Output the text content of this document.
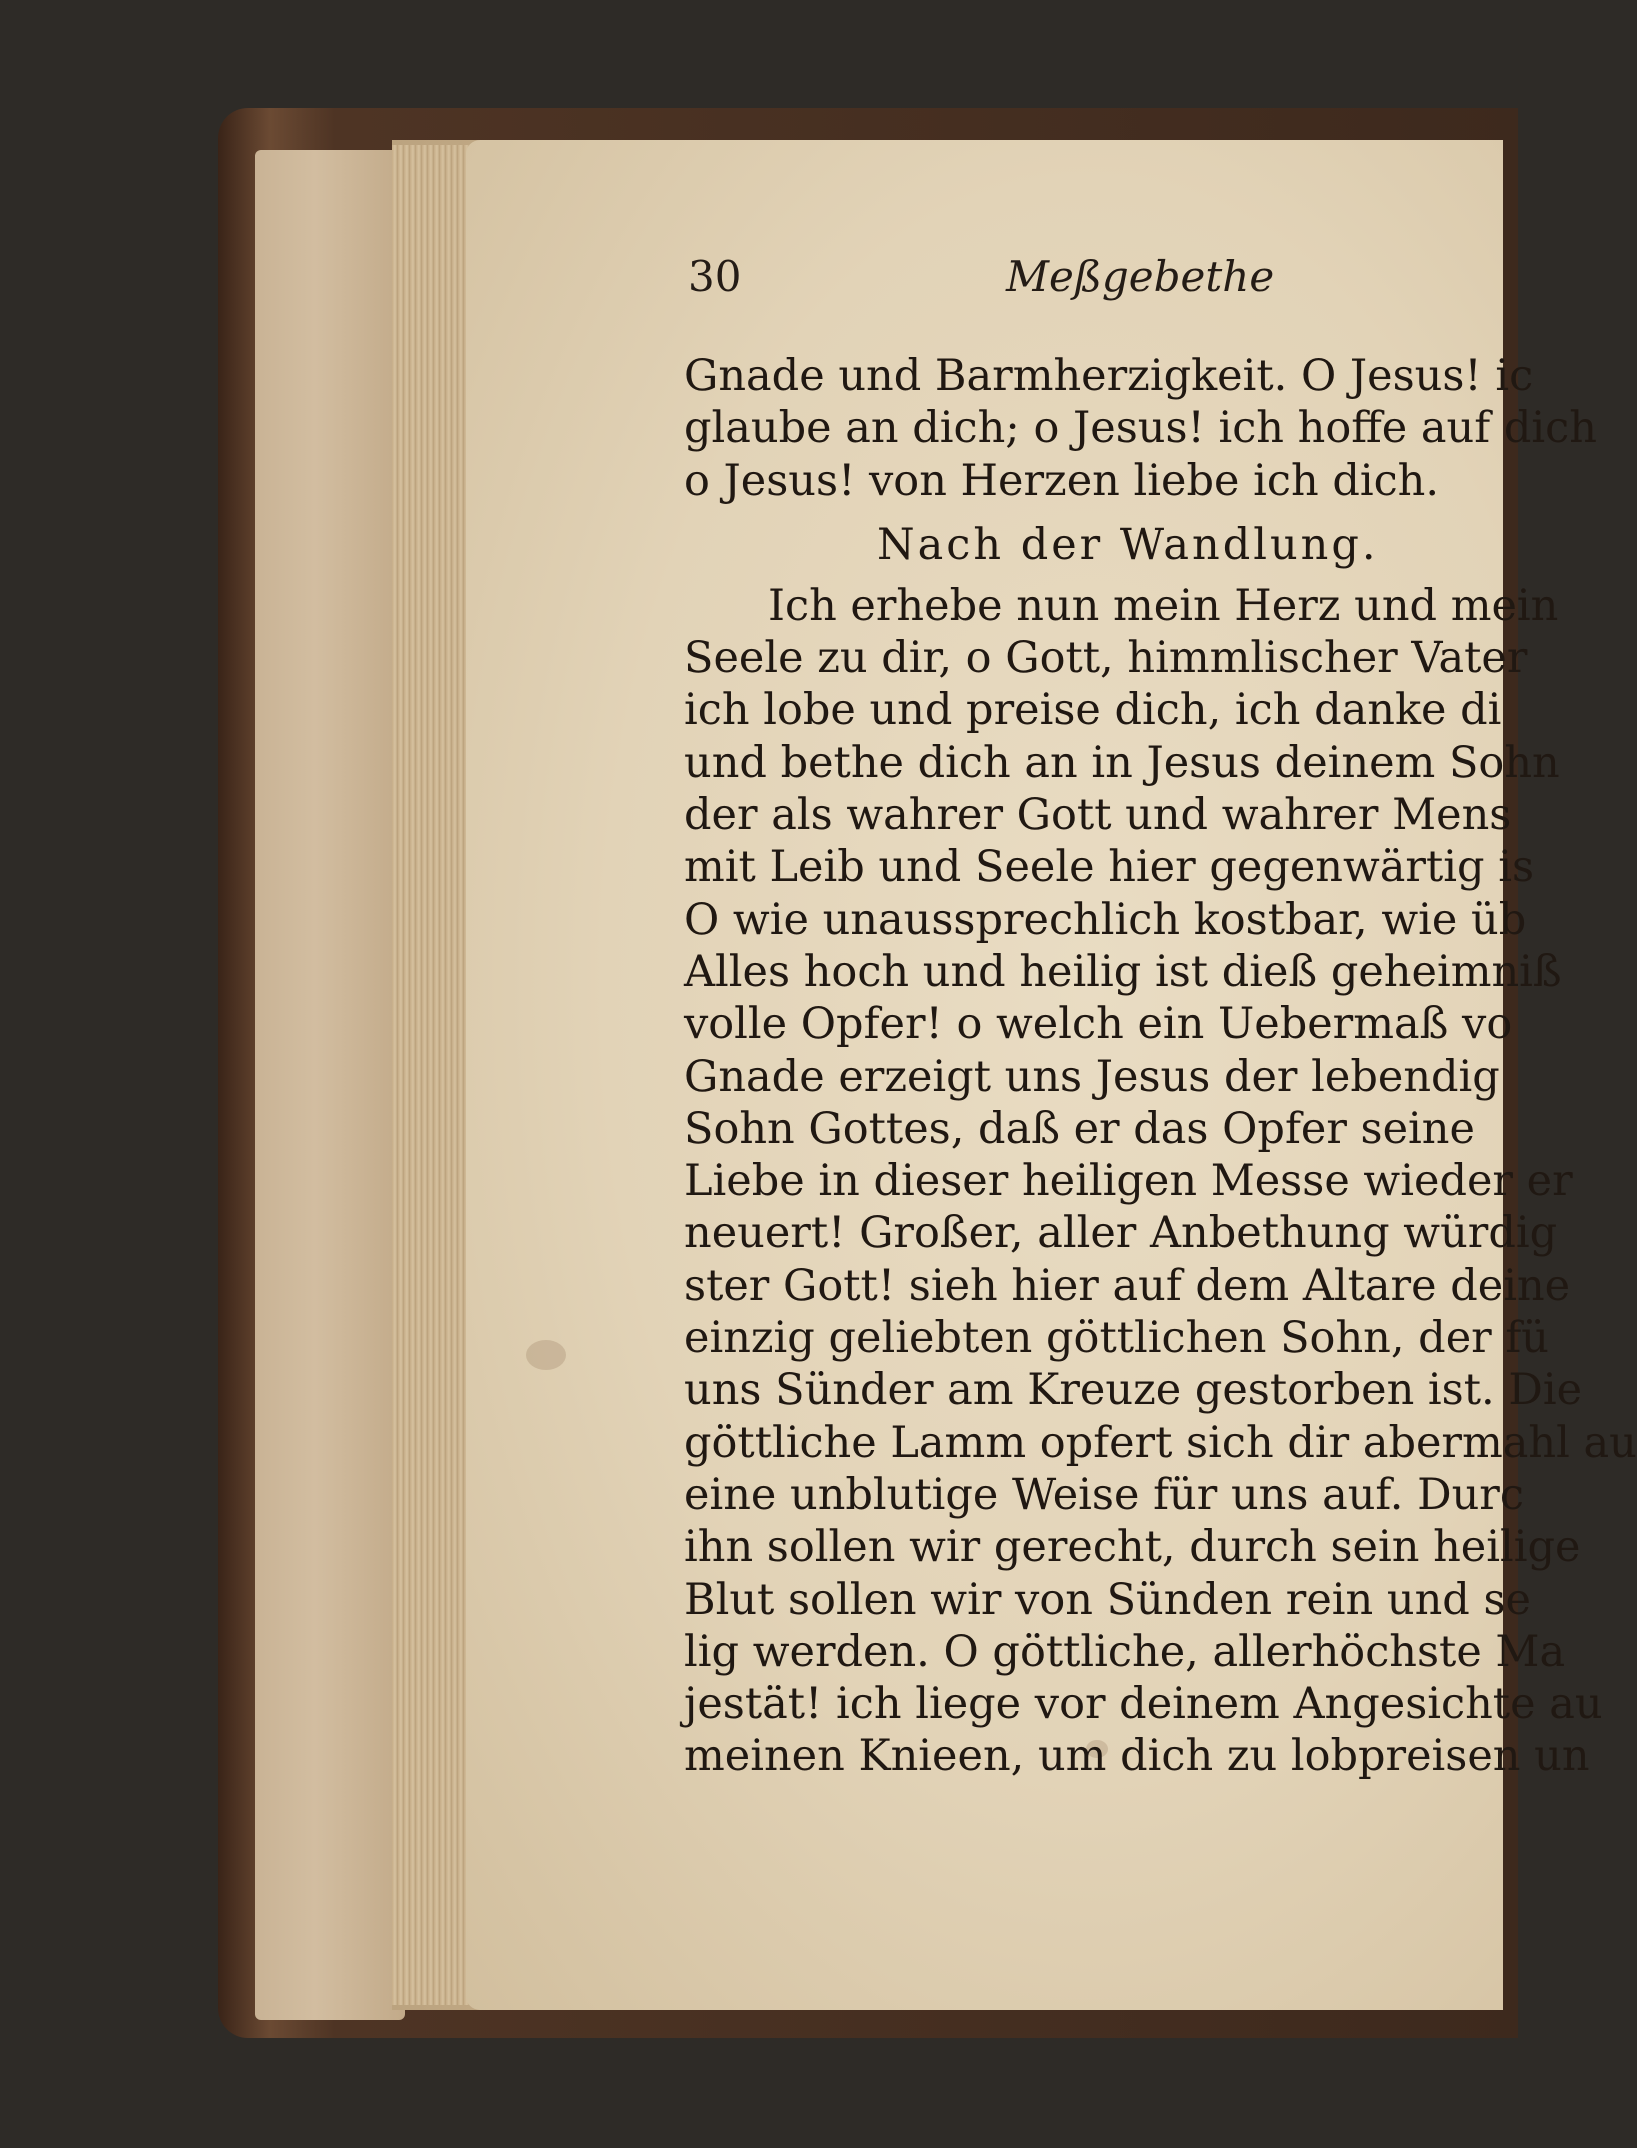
30	Meßgebethe
Gnade und Barmherzigkeit. O Jesus! ic
glaube an dich; o Jesus! ich hoffe auf dich
o Jesus! von Herzen liebe ich dich.
Nach der Wandlung.
Ich erhebe nun mein Herz und mein
Seele zu dir, o Gott, himmlischer Vater
ich lobe und preise dich, ich danke di
und bethe dich an in Jesus deinem Sohn
der als wahrer Gott und wahrer Mens
mit Leib und Seele hier gegenwärtig is
O wie unaussprechlich kostbar, wie üb
Alles hoch und heilig ist dieß geheimniß
volle Opfer! o welch ein Uebermaß vo
Gnade erzeigt uns Jesus der lebendig
Sohn Gottes, daß er das Opfer seine
Liebe in dieser heiligen Messe wieder er
neuert! Großer, aller Anbethung würdig
ster Gott! sieh hier auf dem Altare deine
einzig geliebten göttlichen Sohn, der fü
uns Sünder am Kreuze gestorben ist. Die
göttliche Lamm opfert sich dir abermahl au
eine unblutige Weise für uns auf. Durc
ihn sollen wir gerecht, durch sein heilige
Blut sollen wir von Sünden rein und se
lig werden. O göttliche, allerhöchste Ma
jestät! ich liege vor deinem Angesichte au
meinen Knieen, um dich zu lobpreisen un
